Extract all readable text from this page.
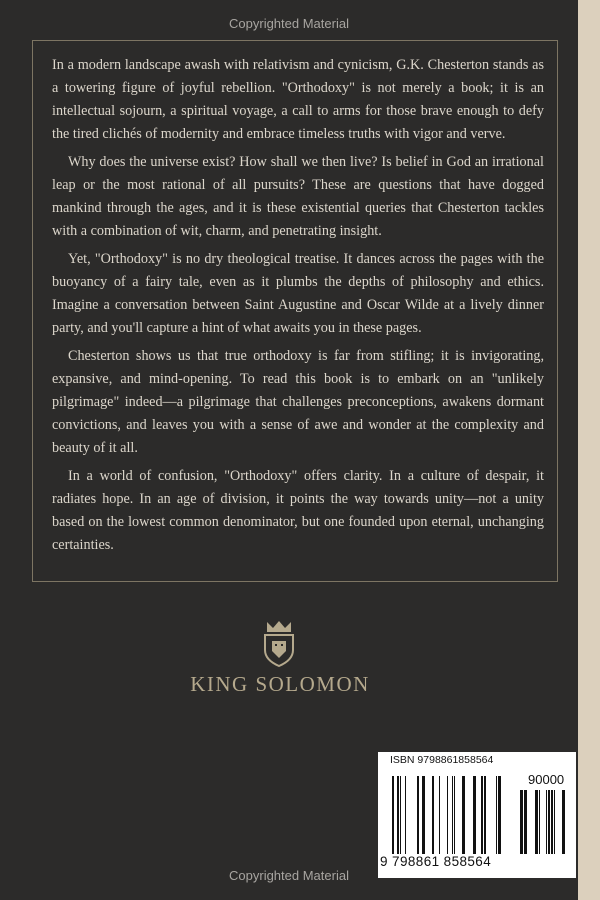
Copyrighted Material

In a modern landscape awash with relativism and cynicism, G.K. Chesterton stands as a towering figure of joyful rebellion. "Orthodoxy" is not merely a book; it is an intellectual sojourn, a spiritual voyage, a call to arms for those brave enough to defy the tired clichés of modernity and embrace timeless truths with vigor and verve.

Why does the universe exist? How shall we then live? Is belief in God an irrational leap or the most rational of all pursuits? These are questions that have dogged mankind through the ages, and it is these existential queries that Chesterton tackles with a combination of wit, charm, and penetrating insight.

Yet, "Orthodoxy" is no dry theological treatise. It dances across the pages with the buoyancy of a fairy tale, even as it plumbs the depths of philosophy and ethics. Imagine a conversation between Saint Augustine and Oscar Wilde at a lively dinner party, and you'll capture a hint of what awaits you in these pages.

Chesterton shows us that true orthodoxy is far from stifling; it is invigorating, expansive, and mind-opening. To read this book is to embark on an "unlikely pilgrimage" indeed—a pilgrimage that challenges preconceptions, awakens dormant convictions, and leaves you with a sense of awe and wonder at the complexity and beauty of it all.

In a world of confusion, "Orthodoxy" offers clarity. In a culture of despair, it radiates hope. In an age of division, it points the way towards unity—not a unity based on the lowest common denominator, but one founded upon eternal, unchanging certainties.

KING SOLOMON
ISBN 9798861858564
90000
9 798861 858564
Copyrighted Material
